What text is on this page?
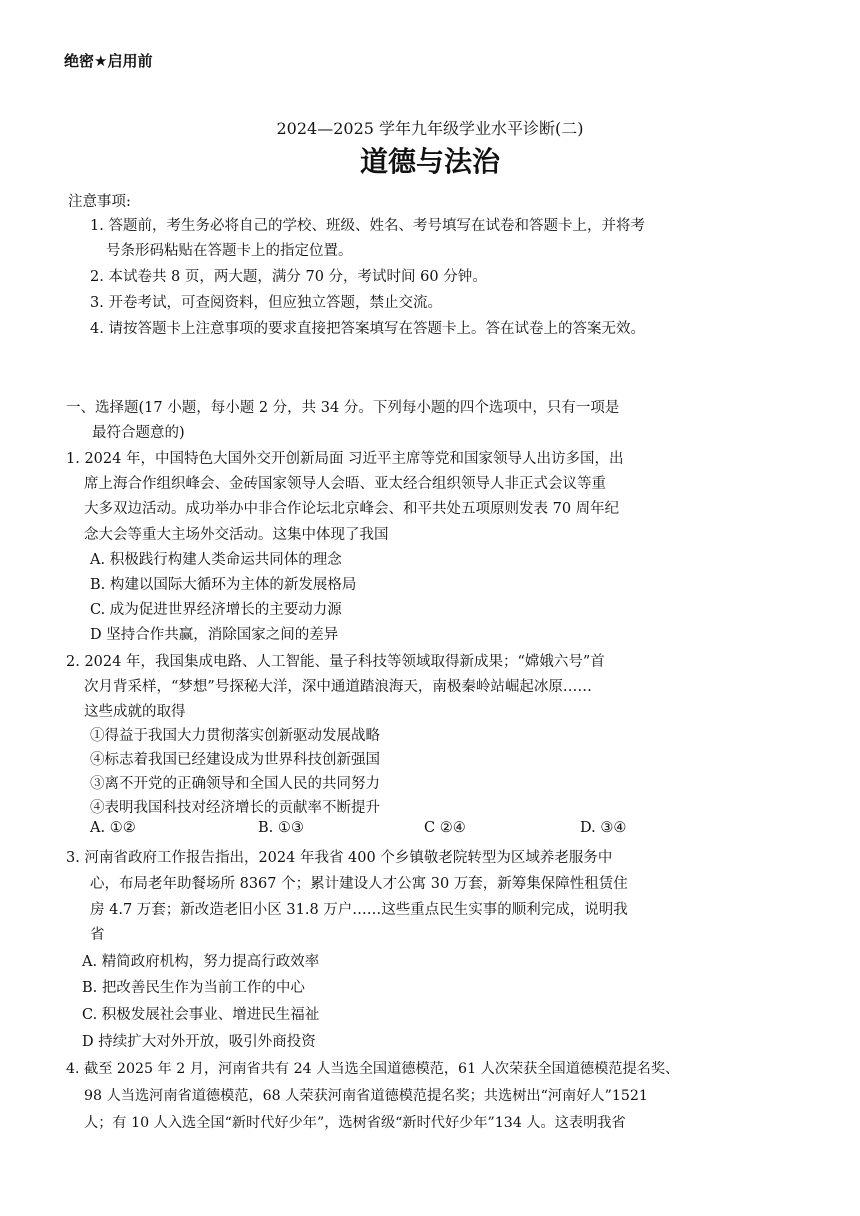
绝密★启用前
2024—2025 学年九年级学业水平诊断(二)
道德与法治
注意事项:
1. 答题前，考生务必将自己的学校、班级、姓名、考号填写在试卷和答题卡上，并将考
号条形码粘贴在答题卡上的指定位置。
2. 本试卷共 8 页，两大题，满分 70 分，考试时间 60 分钟。
3. 开卷考试，可查阅资料，但应独立答题，禁止交流。
4. 请按答题卡上注意事项的要求直接把答案填写在答题卡上。答在试卷上的答案无效。
一、选择题(17 小题，每小题 2 分，共 34 分。下列每小题的四个选项中，只有一项是
最符合题意的)
1. 2024 年，中国特色大国外交开创新局面 习近平主席等党和国家领导人出访多国，出
席上海合作组织峰会、金砖国家领导人会晤、亚太经合组织领导人非正式会议等重
大多双边活动。成功举办中非合作论坛北京峰会、和平共处五项原则发表 70 周年纪
念大会等重大主场外交活动。这集中体现了我国
A. 积极践行构建人类命运共同体的理念
B. 构建以国际大循环为主体的新发展格局
C. 成为促进世界经济增长的主要动力源
D 坚持合作共赢，消除国家之间的差异
2. 2024 年，我国集成电路、人工智能、量子科技等领域取得新成果；“嫦娥六号”首
次月背采样，“梦想”号探秘大洋，深中通道踏浪海天，南极秦岭站崛起冰原……
这些成就的取得
①得益于我国大力贯彻落实创新驱动发展战略
④标志着我国已经建设成为世界科技创新强国
③离不开党的正确领导和全国人民的共同努力
④表明我国科技对经济增长的贡献率不断提升
A. ①②	B. ①③	C ②④	D. ③④
3. 河南省政府工作报告指出，2024 年我省 400 个乡镇敬老院转型为区域养老服务中
心，布局老年助餐场所 8367 个；累计建设人才公寓 30 万套，新筹集保障性租赁住
房 4.7 万套；新改造老旧小区 31.8 万户……这些重点民生实事的顺利完成，说明我
省
A. 精简政府机构，努力提高行政效率
B. 把改善民生作为当前工作的中心
C. 积极发展社会事业、增进民生福祉
D 持续扩大对外开放，吸引外商投资
4. 截至 2025 年 2 月，河南省共有 24 人当选全国道德模范，61 人次荣获全国道德模范提名奖、
98 人当选河南省道德模范，68 人荣获河南省道德模范提名奖；共选树出“河南好人”1521
人；有 10 人入选全国“新时代好少年”，选树省级“新时代好少年”134 人。这表明我省
